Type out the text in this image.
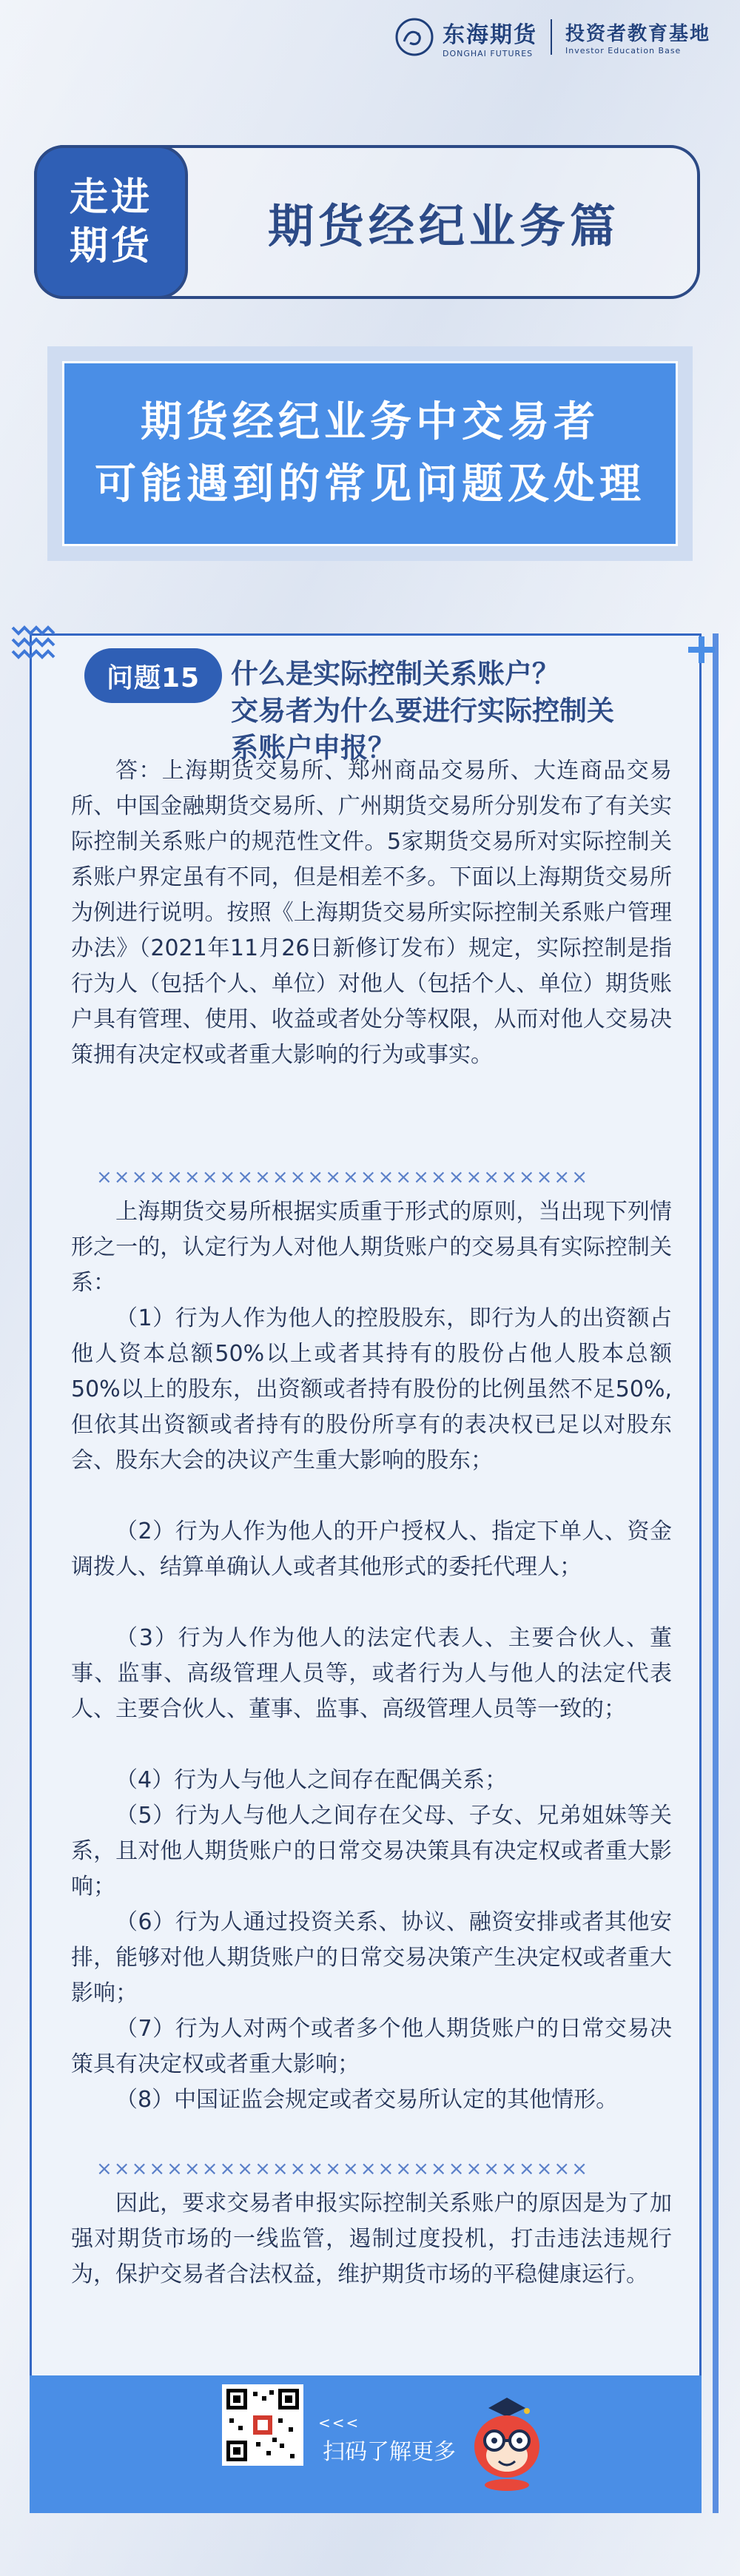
东海期货
DONGHAI FUTURES
投资者教育基地
Investor Education Base
走进
期货	期货经纪业务篇
期货经纪业务中交易者
可能遇到的常见问题及处理
问题15	什么是实际控制关系账户？
交易者为什么要进行实际控制关
系账户申报？
答：上海期货交易所、郑州商品交易所、大连商品交易所、中国金融期货交易所、广州期货交易所分别发布了有关实际控制关系账户的规范性文件。5家期货交易所对实际控制关系账户界定虽有不同，但是相差不多。下面以上海期货交易所为例进行说明。按照《上海期货交易所实际控制关系账户管理办法》（2021年11月26日新修订发布）规定，实际控制是指行为人（包括个人、单位）对他人（包括个人、单位）期货账户具有管理、使用、收益或者处分等权限，从而对他人交易决策拥有决定权或者重大影响的行为或事实。
××××××××××××××××××××××××××××
上海期货交易所根据实质重于形式的原则，当出现下列情形之一的，认定行为人对他人期货账户的交易具有实际控制关系：
（1）行为人作为他人的控股股东，即行为人的出资额占他人资本总额50%以上或者其持有的股份占他人股本总额50%以上的股东，出资额或者持有股份的比例虽然不足50%,但依其出资额或者持有的股份所享有的表决权已足以对股东会、股东大会的决议产生重大影响的股东；
（2）行为人作为他人的开户授权人、指定下单人、资金调拨人、结算单确认人或者其他形式的委托代理人；
（3）行为人作为他人的法定代表人、主要合伙人、董事、监事、高级管理人员等，或者行为人与他人的法定代表人、主要合伙人、董事、监事、高级管理人员等一致的；
（4）行为人与他人之间存在配偶关系；
（5）行为人与他人之间存在父母、子女、兄弟姐妹等关系，且对他人期货账户的日常交易决策具有决定权或者重大影响；
（6）行为人通过投资关系、协议、融资安排或者其他安排，能够对他人期货账户的日常交易决策产生决定权或者重大影响；
（7）行为人对两个或者多个他人期货账户的日常交易决策具有决定权或者重大影响；
（8）中国证监会规定或者交易所认定的其他情形。
××××××××××××××××××××××××××××
因此，要求交易者申报实际控制关系账户的原因是为了加强对期货市场的一线监管，遏制过度投机，打击违法违规行为，保护交易者合法权益，维护期货市场的平稳健康运行。
<<<
扫码了解更多
